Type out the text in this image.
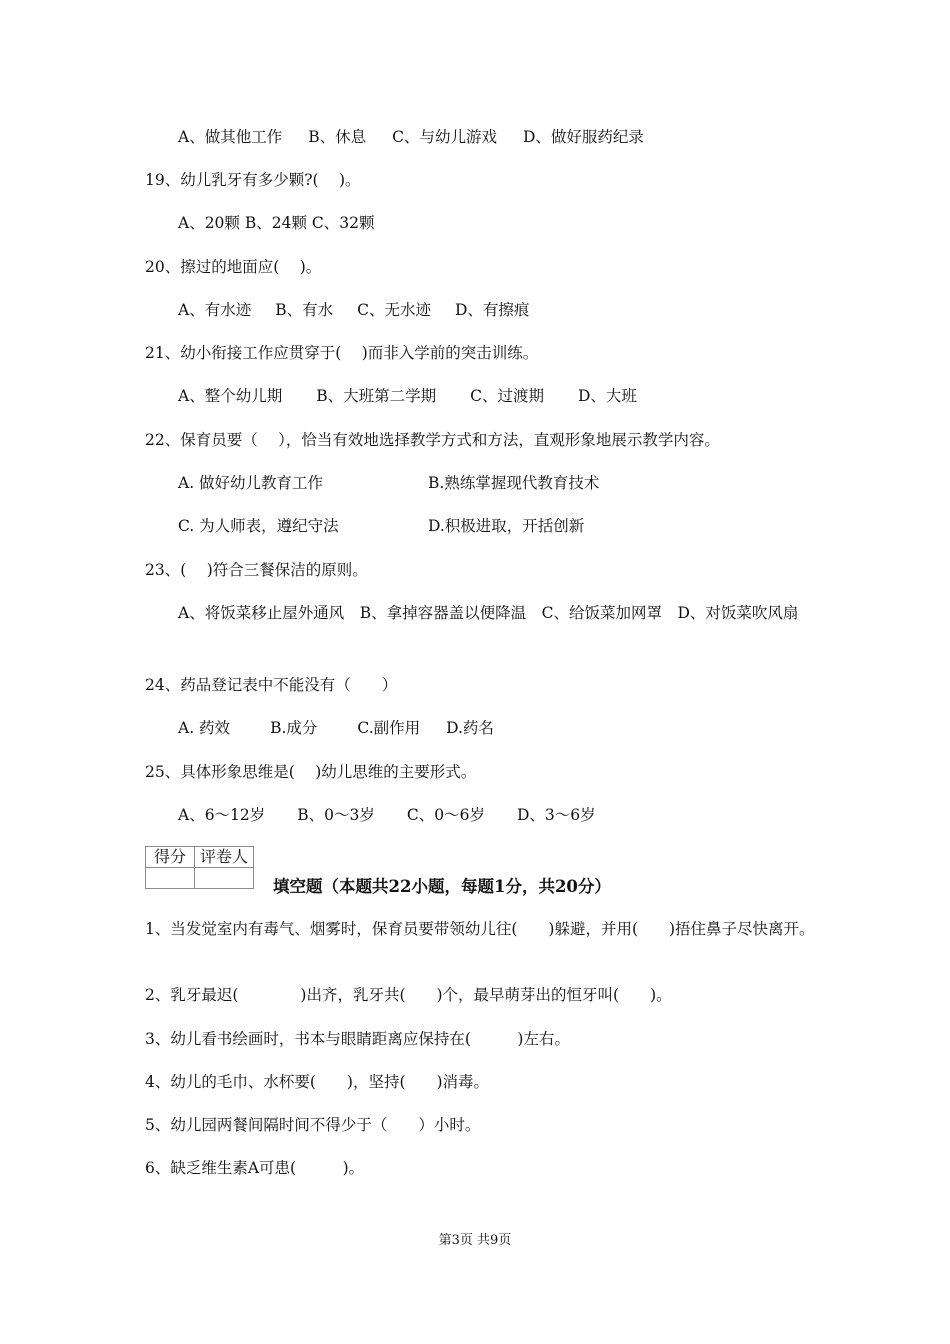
A、做其他工作 B、休息 C、与幼儿游戏 D、做好服药纪录
19、幼儿乳牙有多少颗?(　 )。
A、20颗 B、24颗 C、32颗
20、擦过的地面应(　 )。
A、有水迹 B、有水 C、无水迹 D、有擦痕
21、幼小衔接工作应贯穿于(　 )而非入学前的突击训练。
A、整个幼儿期 B、大班第二学期 C、过渡期 D、大班
22、保育员要（　 ），恰当有效地选择教学方式和方法，直观形象地展示教学内容。
A. 做好幼儿教育工作	B.熟练掌握现代教育技术
C. 为人师表，遵纪守法	D.积极进取，开括创新
23、(　 )符合三餐保洁的原则。
A、将饭菜移止屋外通风　B、拿掉容器盖以便降温　C、给饭菜加网罩　D、对饭菜吹风扇
24、药品登记表中不能没有（　　）
A. 药效	B.成分	C.副作用 D.药名
25、具体形象思维是(　 )幼儿思维的主要形式。
A、6～12岁 B、0～3岁 C、0～6岁 D、3～6岁
得分	评卷人

填空题（本题共22小题，每题1分，共20分）
1、当发觉室内有毒气、烟雾时，保育员要带领幼儿往(　　)躲避，并用(　　)捂住鼻子尽快离开。
2、乳牙最迟(　　　　)出齐，乳牙共(　　)个，最早萌芽出的恒牙叫(　　)。
3、幼儿看书绘画时，书本与眼睛距离应保持在(　　　)左右。
4、幼儿的毛巾、水杯要(　　)，坚持(　　)消毒。
5、幼儿园两餐间隔时间不得少于（　　）小时。
6、缺乏维生素A可患(　　　)。
第3页 共9页
